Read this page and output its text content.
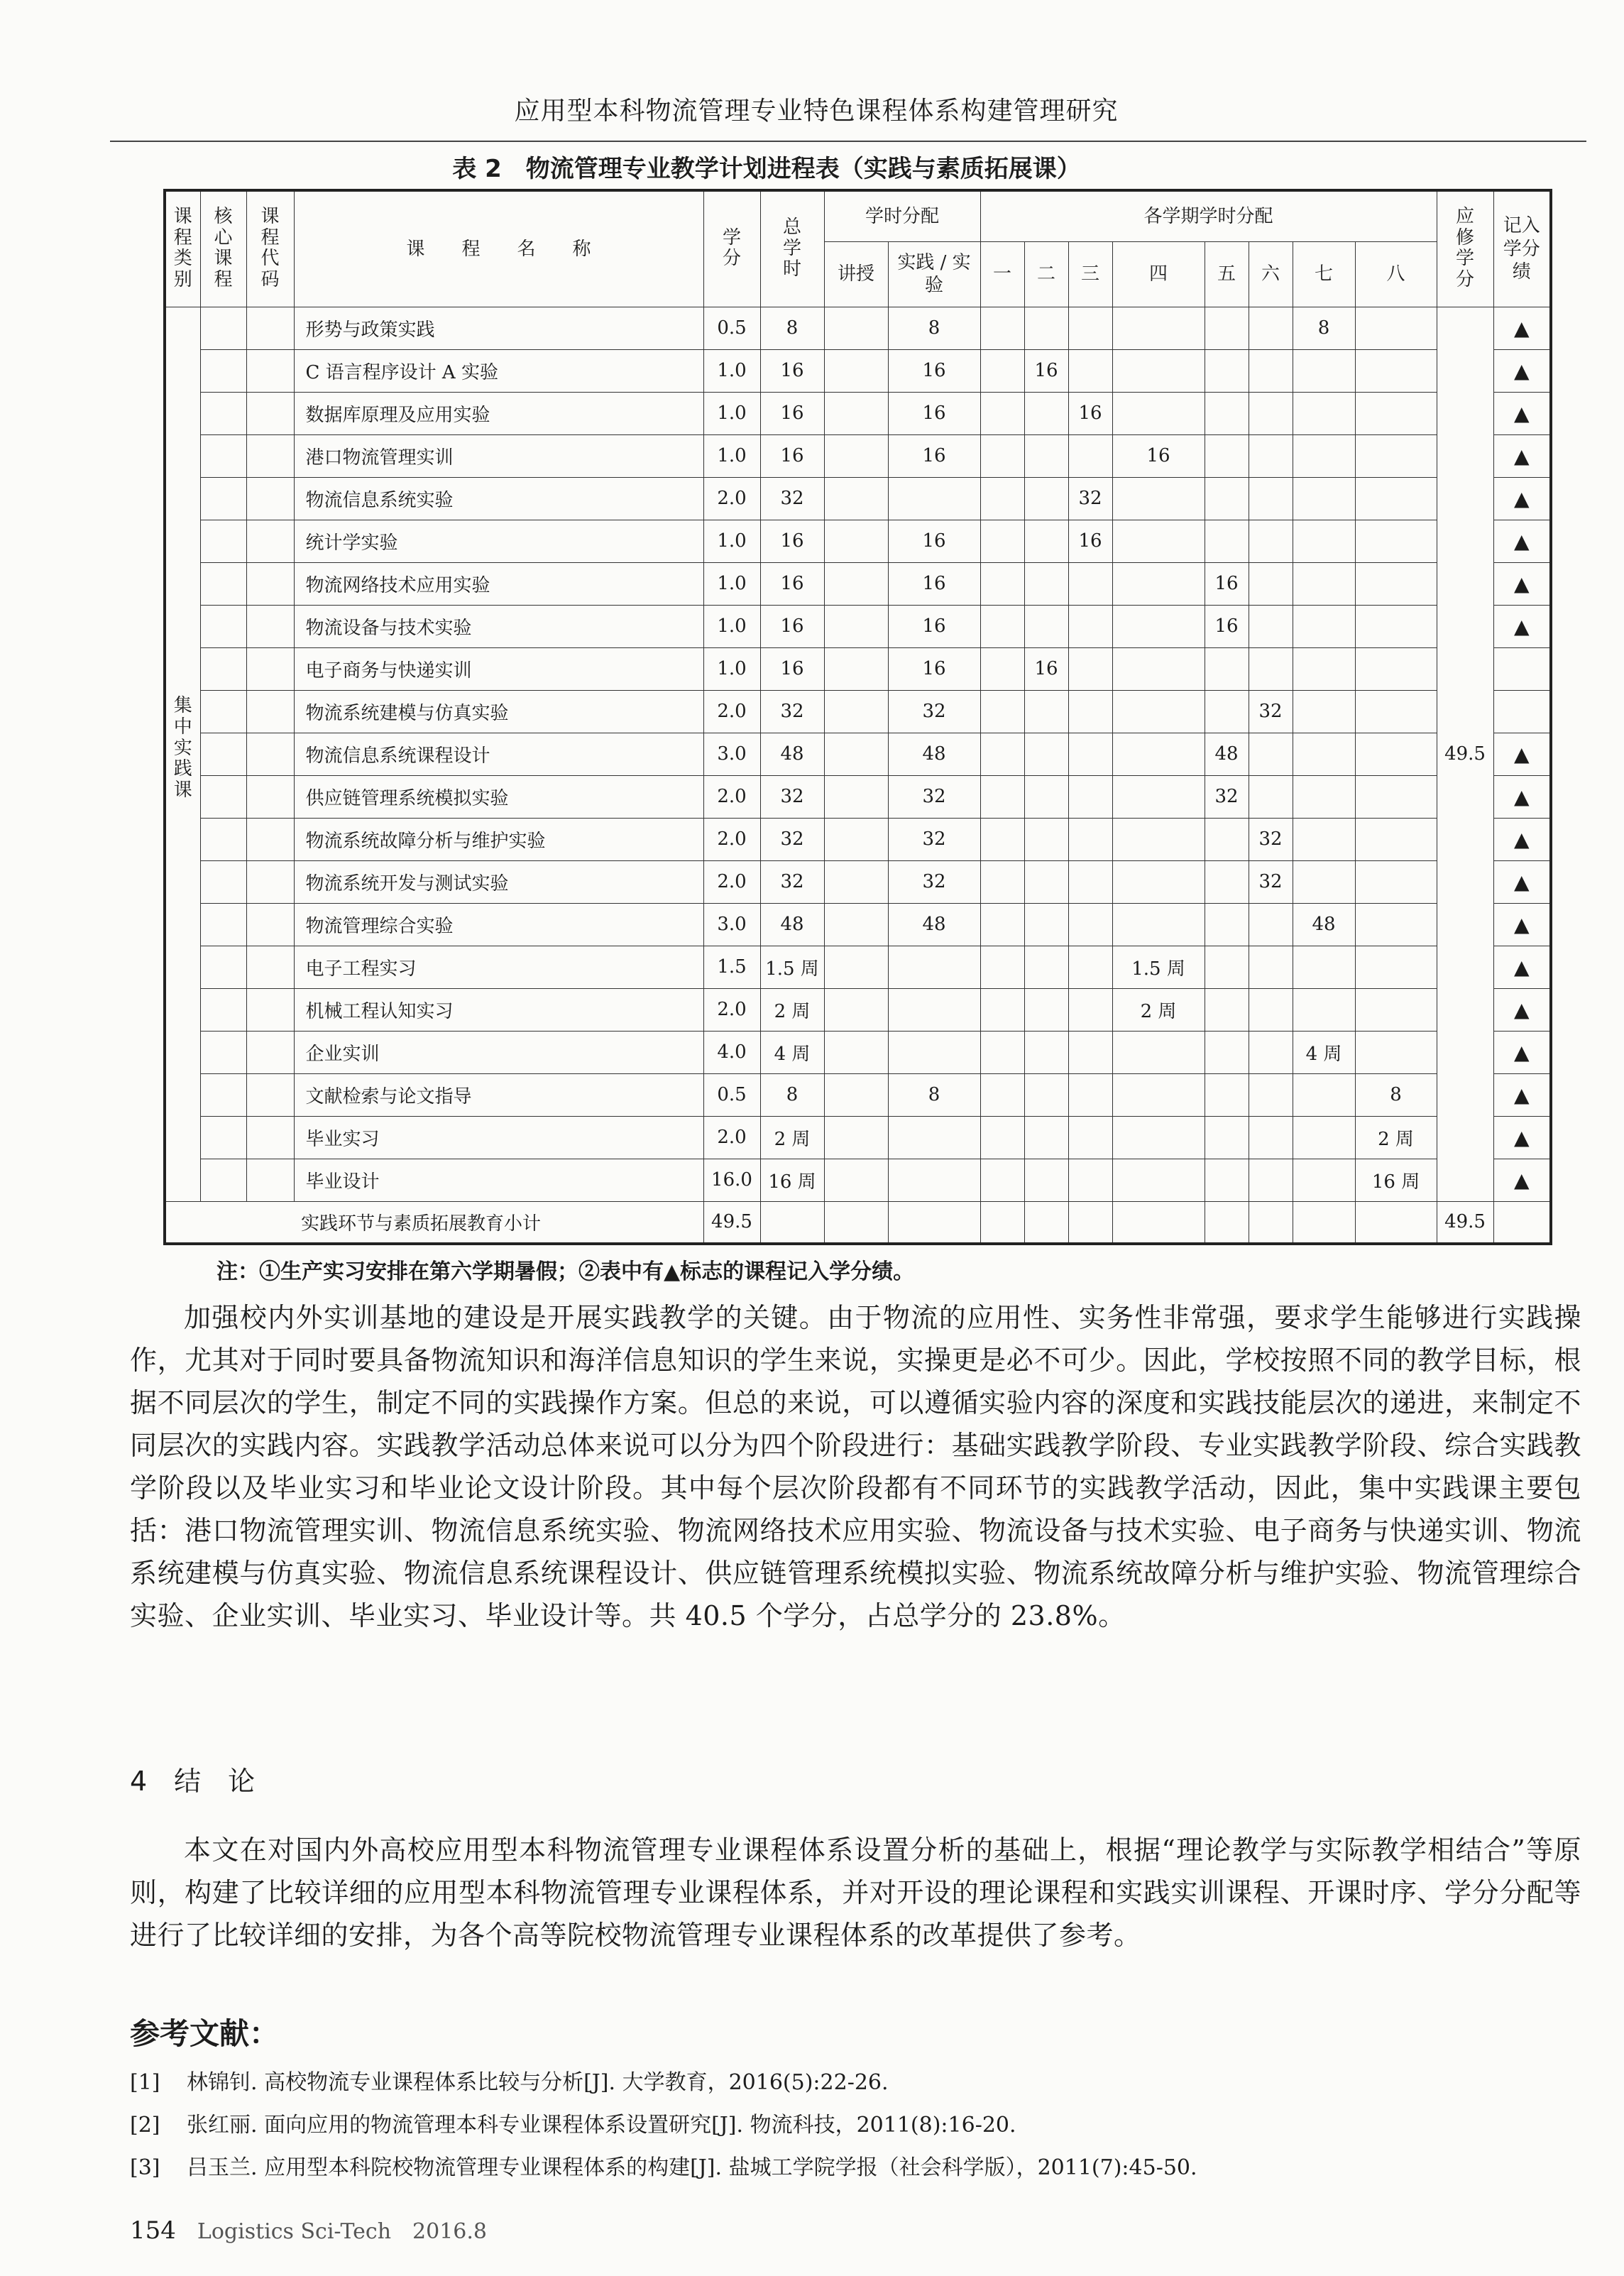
应用型本科物流管理专业特色课程体系构建管理研究
表 2　物流管理专业教学计划进程表（实践与素质拓展课）
课程类别	核心课程	课程代码	课　　程　　名　　称	学分	总学时	学时分配		各学期学时分配								应修学分	记入学分绩
						讲授	实践 / 实验	一	二	三	四	五	六	七	八		
集中实践课			形势与政策实践	0.5	8		8							8		49.5	▲
			C 语言程序设计 A 实验	1.0	16		16		16								▲
			数据库原理及应用实验	1.0	16		16			16							▲
			港口物流管理实训	1.0	16		16				16						▲
			物流信息系统实验	2.0	32					32							▲
			统计学实验	1.0	16		16			16							▲
			物流网络技术应用实验	1.0	16		16					16					▲
			物流设备与技术实验	1.0	16		16					16					▲
			电子商务与快递实训	1.0	16		16		16								
			物流系统建模与仿真实验	2.0	32		32						32				
			物流信息系统课程设计	3.0	48		48					48					▲
			供应链管理系统模拟实验	2.0	32		32					32					▲
			物流系统故障分析与维护实验	2.0	32		32						32				▲
			物流系统开发与测试实验	2.0	32		32						32				▲
			物流管理综合实验	3.0	48		48							48			▲
			电子工程实习	1.5	1.5 周						1.5 周						▲
			机械工程认知实习	2.0	2 周						2 周						▲
			企业实训	4.0	4 周									4 周			▲
			文献检索与论文指导	0.5	8		8								8		▲
			毕业实习	2.0	2 周										2 周		▲
			毕业设计	16.0	16 周										16 周		▲
实践环节与素质拓展教育小计				49.5												49.5	
注：①生产实习安排在第六学期暑假；②表中有▲标志的课程记入学分绩。
加强校内外实训基地的建设是开展实践教学的关键。由于物流的应用性、实务性非常强，要求学生能够进行实践操作，尤其对于同时要具备物流知识和海洋信息知识的学生来说，实操更是必不可少。因此，学校按照不同的教学目标，根据不同层次的学生，制定不同的实践操作方案。但总的来说，可以遵循实验内容的深度和实践技能层次的递进，来制定不同层次的实践内容。实践教学活动总体来说可以分为四个阶段进行：基础实践教学阶段、专业实践教学阶段、综合实践教学阶段以及毕业实习和毕业论文设计阶段。其中每个层次阶段都有不同环节的实践教学活动，因此，集中实践课主要包括：港口物流管理实训、物流信息系统实验、物流网络技术应用实验、物流设备与技术实验、电子商务与快递实训、物流系统建模与仿真实验、物流信息系统课程设计、供应链管理系统模拟实验、物流系统故障分析与维护实验、物流管理综合实验、企业实训、毕业实习、毕业设计等。共 40.5 个学分，占总学分的 23.8%。
4　结　论
本文在对国内外高校应用型本科物流管理专业课程体系设置分析的基础上，根据“理论教学与实际教学相结合”等原则，构建了比较详细的应用型本科物流管理专业课程体系，并对开设的理论课程和实践实训课程、开课时序、学分分配等进行了比较详细的安排，为各个高等院校物流管理专业课程体系的改革提供了参考。
参考文献：
[1] 林锦钊. 高校物流专业课程体系比较与分析[J]. 大学教育，2016(5):22-26.
[2] 张红丽. 面向应用的物流管理本科专业课程体系设置研究[J]. 物流科技，2011(8):16-20.
[3] 吕玉兰. 应用型本科院校物流管理专业课程体系的构建[J]. 盐城工学院学报（社会科学版），2011(7):45-50.
154 Logistics Sci-Tech　2016.8
